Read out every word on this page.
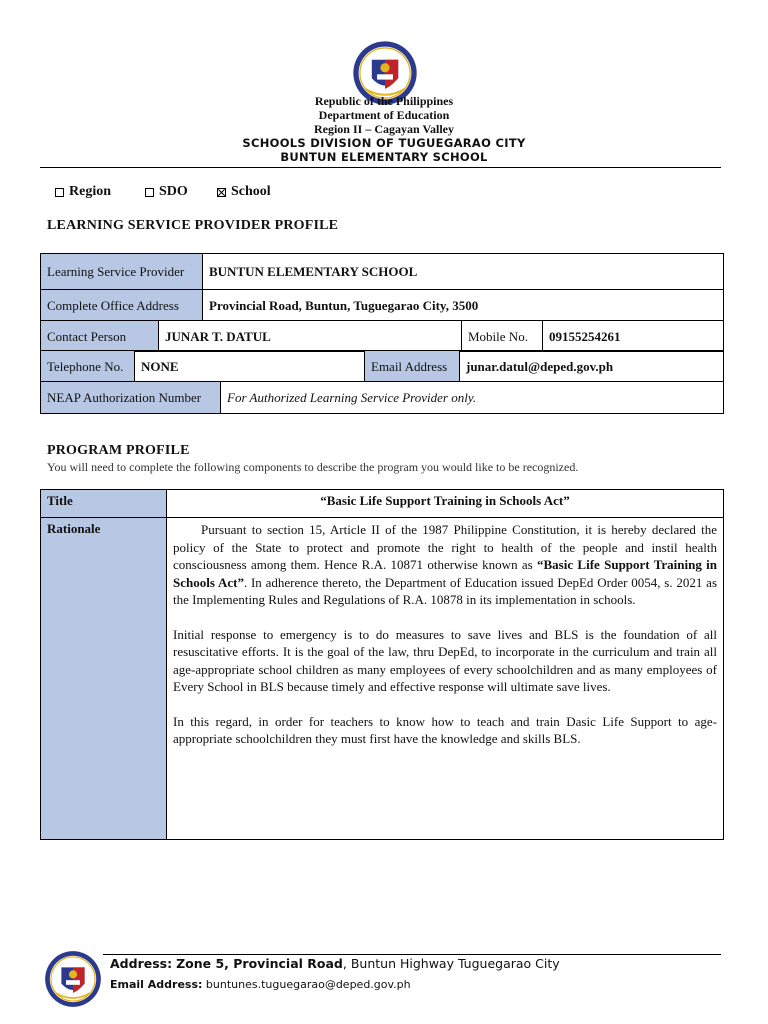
Republic of the Philippines
Department of Education
Region II – Cagayan Valley
SCHOOLS DIVISION OF TUGUEGARAO CITY
BUNTUN ELEMENTARY SCHOOL
Region	SDO	School
LEARNING SERVICE PROVIDER PROFILE
Learning Service Provider	BUNTUN ELEMENTARY SCHOOL
Complete Office Address	Provincial Road, Buntun, Tuguegarao City, 3500
Contact Person	JUNAR T. DATUL	Mobile No.	09155254261
Telephone No.	NONE	Email Address	junar.datul@deped.gov.ph
NEAP Authorization Number	For Authorized Learning Service Provider only.
PROGRAM PROFILE
You will need to complete the following components to describe the program you would like to be recognized.
Title	“Basic Life Support Training in Schools Act”
Rationale	Pursuant to section 15, Article II of the 1987 Philippine Constitution, it is hereby declared the policy of the State to protect and promote the right to health of the people and instil health consciousness among them. Hence R.A. 10871 otherwise known as “Basic Life Support Training in Schools Act”. In adherence thereto, the Department of Education issued DepEd Order 0054, s. 2021 as the Implementing Rules and Regulations of R.A. 10878 in its implementation in schools.

Initial response to emergency is to do measures to save lives and BLS is the foundation of all resuscitative efforts. It is the goal of the law, thru DepEd, to incorporate in the curriculum and train all age-appropriate school children as many employees of every schoolchildren and as many employees of Every School in BLS because timely and effective response will ultimate save lives.

In this regard, in order for teachers to know how to teach and train Dasic Life Support to age-appropriate schoolchildren they must first have the knowledge and skills BLS.

Address: Zone 5, Provincial Road, Buntun Highway Tuguegarao City
Email Address: buntunes.tuguegarao@deped.gov.ph
